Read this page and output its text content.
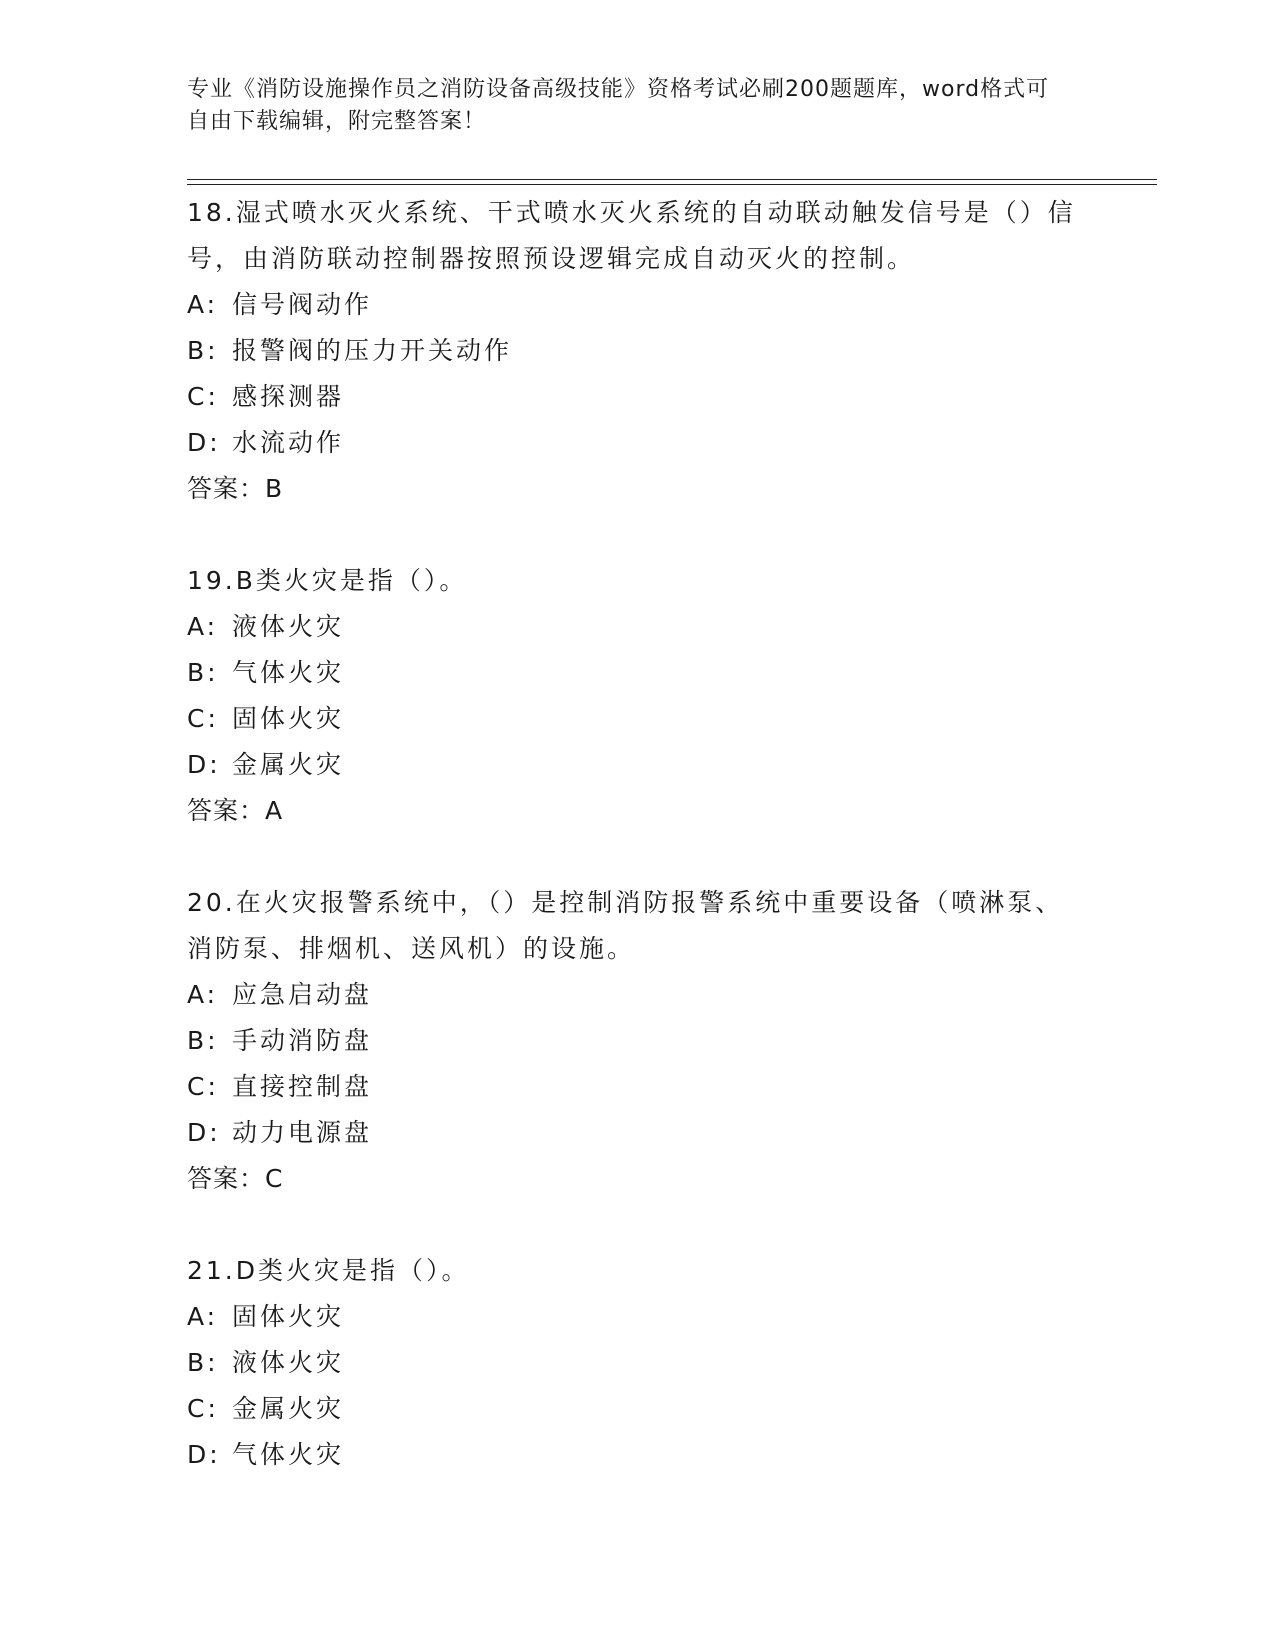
专业《消防设施操作员之消防设备高级技能》资格考试必刷200题题库，word格式可自由下载编辑，附完整答案！
18.湿式喷水灭火系统、干式喷水灭火系统的自动联动触发信号是（）信号，由消防联动控制器按照预设逻辑完成自动灭火的控制。
A: 信号阀动作
B: 报警阀的压力开关动作
C: 感探测器
D: 水流动作
答案：B
19.B类火灾是指（）。
A: 液体火灾
B: 气体火灾
C: 固体火灾
D: 金属火灾
答案：A
20.在火灾报警系统中，（）是控制消防报警系统中重要设备（喷淋泵、消防泵、排烟机、送风机）的设施。
A: 应急启动盘
B: 手动消防盘
C: 直接控制盘
D: 动力电源盘
答案：C
21.D类火灾是指（）。
A: 固体火灾
B: 液体火灾
C: 金属火灾
D: 气体火灾
